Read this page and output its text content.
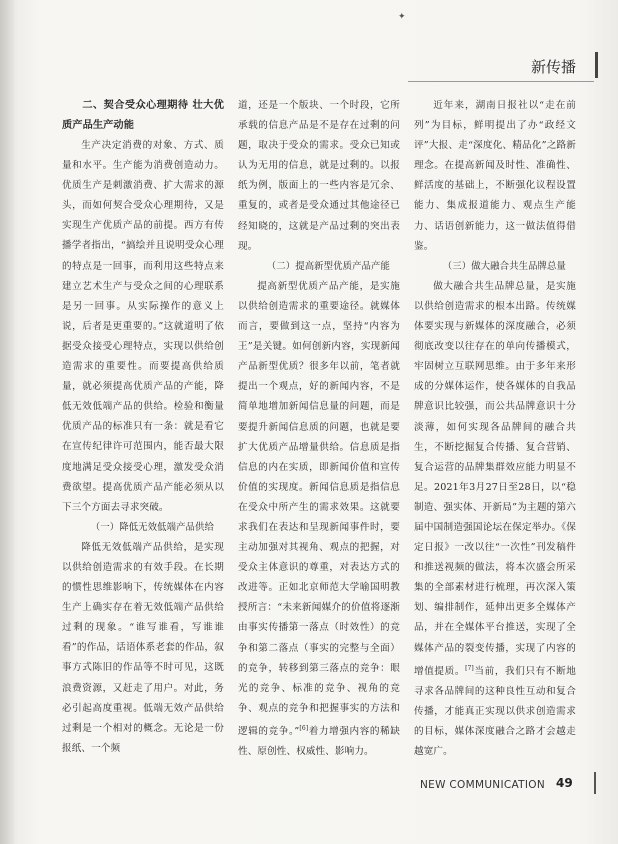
✦
新传播

二、契合受众心理期待 壮大优质产品生产动能

生产决定消费的对象、方式、质量和水平。生产能为消费创造动力。优质生产是刺激消费、扩大需求的源头，而如何契合受众心理期待，又是实现生产优质产品的前提。西方有传播学者指出，“搞绘并且说明受众心理的特点是一回事，而利用这些特点来建立艺术生产与受众之间的心理联系是另一回事。从实际操作的意义上说，后者是更重要的。”这就道明了依据受众接受心理特点，实现以供给创造需求的重要性。而要提高供给质量，就必须提高优质产品的产能，降低无效低端产品的供给。检验和衡量优质产品的标准只有一条：就是看它在宣传纪律许可范围内，能否最大限度地满足受众接受心理，激发受众消费欲望。提高优质产品产能必须从以下三个方面去寻求突破。

（一）降低无效低端产品供给

降低无效低端产品供给，是实现以供给创造需求的有效手段。在长期的惯性思维影响下，传统媒体在内容生产上确实存在着无效低端产品供给过剩的现象。“谁写谁看，写谁谁看”的作品，话语体系老套的作品，叙事方式陈旧的作品等不时可见，这既浪费资源，又赶走了用户。对此，务必引起高度重视。低端无效产品供给过剩是一个相对的概念。无论是一份报纸、一个频

道，还是一个版块、一个时段，它所承载的信息产品是不是存在过剩的问题，取决于受众的需求。受众已知或认为无用的信息，就是过剩的。以报纸为例，版面上的一些内容是冗余、重复的，或者是受众通过其他途径已经知晓的，这就是产品过剩的突出表现。

（二）提高新型优质产品产能

提高新型优质产品产能，是实施以供给创造需求的重要途径。就媒体而言，要做到这一点，坚持“内容为王”是关键。如何创新内容，实现新闻产品新型优质？很多年以前，笔者就提出一个观点，好的新闻内容，不是简单地增加新闻信息量的问题，而是要提升新闻信息质的问题，也就是要扩大优质产品增量供给。信息质是指信息的内在实质，即新闻价值和宣传价值的实现度。新闻信息质是指信息在受众中所产生的需求效果。这就要求我们在表达和呈现新闻事件时，要主动加强对其视角、观点的把握，对受众主体意识的尊重，对表达方式的改进等。正如北京师范大学喻国明教授所言：“未来新闻媒介的价值将逐渐由事实传播第一落点（时效性）的竞争和第二落点（事实的完整与全面）的竞争，转移到第三落点的竞争：眼光的竞争、标准的竞争、视角的竞争、观点的竞争和把握事实的方法和逻辑的竞争。”[6]着力增强内容的稀缺性、原创性、权威性、影响力。

近年来，湖南日报社以“走在前列”为目标，鲜明提出了办“政经文评”大报、走“深度化、精品化”之路新理念。在提高新闻及时性、准确性、鲜活度的基础上，不断强化议程设置能力、集成报道能力、观点生产能力、话语创新能力，这一做法值得借鉴。

（三）做大融合共生品牌总量

做大融合共生品牌总量，是实施以供给创造需求的根本出路。传统媒体要实现与新媒体的深度融合，必须彻底改变以往存在的单向传播模式，牢固树立互联网思维。由于多年来形成的分媒体运作，使各媒体的自我品牌意识比较强，而公共品牌意识十分淡薄，如何实现各品牌间的融合共生，不断挖掘复合传播、复合营销、复合运营的品牌集群效应能力明显不足。2021年3月27日至28日，以“稳制造、强实体、开新局”为主题的第六届中国制造强国论坛在保定举办。《保定日报》一改以往“一次性”刊发稿件和推送视频的做法，将本次盛会所采集的全部素材进行梳理，再次深入策划、编排制作，延伸出更多全媒体产品，并在全媒体平台推送，实现了全媒体产品的裂变传播，实现了内容的增值提质。[7]当前，我们只有不断地寻求各品牌间的这种良性互动和复合传播，才能真正实现以供求创造需求的目标，媒体深度融合之路才会越走越宽广。

NEW COMMUNICATION 49
